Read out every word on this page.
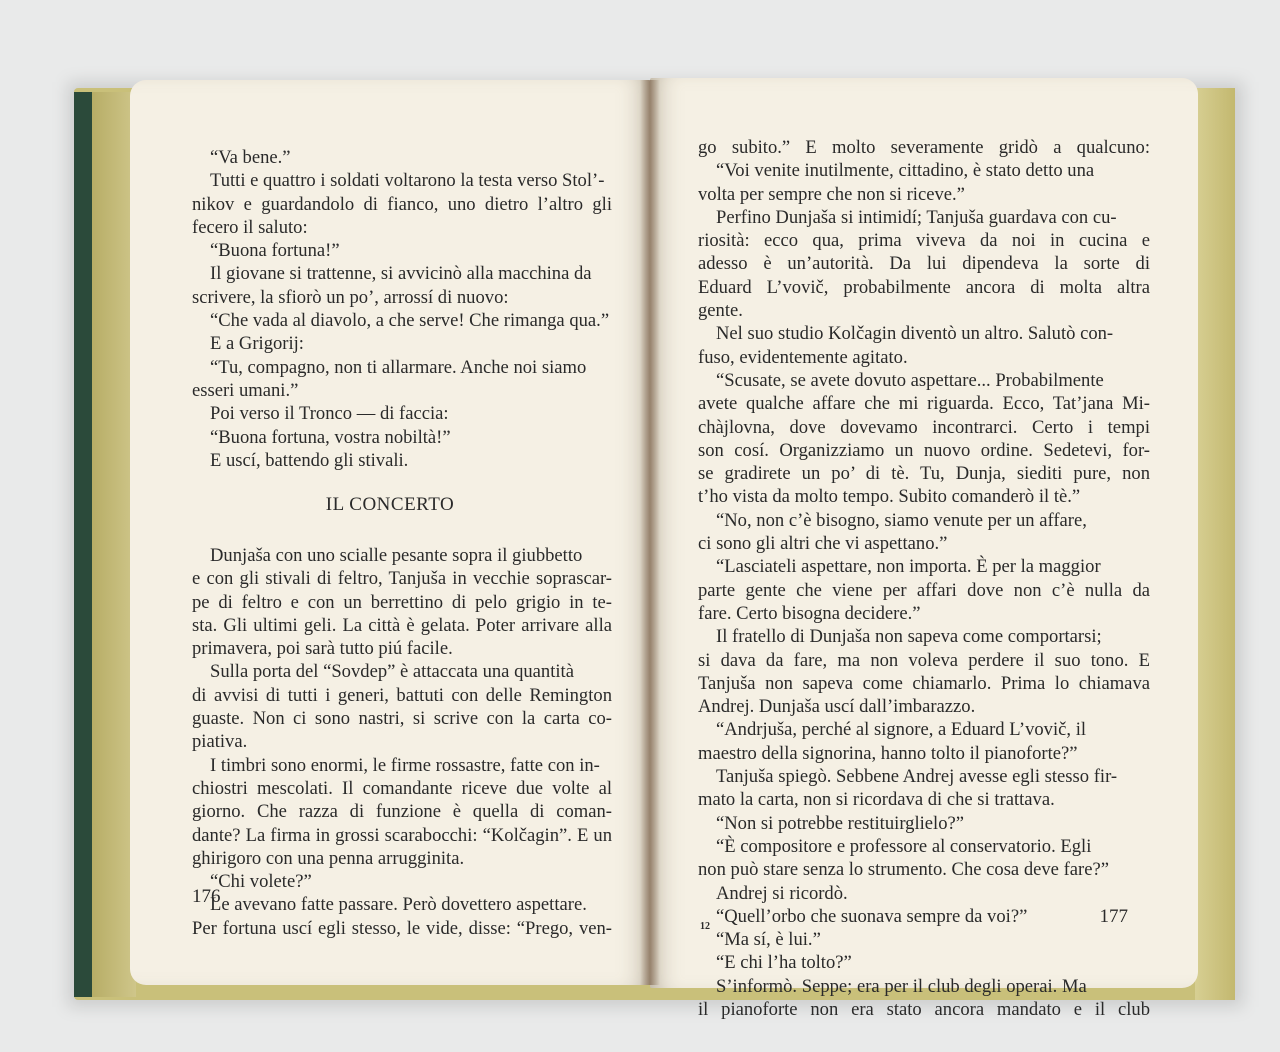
“Va bene.”
Tutti e quattro i soldati voltarono la testa verso Stol’-
nikov e guardandolo di fianco, uno dietro l’altro gli
fecero il saluto:
“Buona fortuna!”
Il giovane si trattenne, si avvicinò alla macchina da
scrivere, la sfiorò un po’, arrossí di nuovo:
“Che vada al diavolo, a che serve! Che rimanga qua.”
E a Grigorij:
“Tu, compagno, non ti allarmare. Anche noi siamo
esseri umani.”
Poi verso il Tronco — di faccia:
“Buona fortuna, vostra nobiltà!”
E uscí, battendo gli stivali.
IL CONCERTO
Dunjaša con uno scialle pesante sopra il giubbetto
e con gli stivali di feltro, Tanjuša in vecchie soprascar-
pe di feltro e con un berrettino di pelo grigio in te-
sta. Gli ultimi geli. La città è gelata. Poter arrivare alla
primavera, poi sarà tutto piú facile.
Sulla porta del “Sovdep” è attaccata una quantità
di avvisi di tutti i generi, battuti con delle Remington
guaste. Non ci sono nastri, si scrive con la carta co-
piativa.
I timbri sono enormi, le firme rossastre, fatte con in-
chiostri mescolati. Il comandante riceve due volte al
giorno. Che razza di funzione è quella di coman-
dante? La firma in grossi scarabocchi: “Kolčagin”. E un
ghirigoro con una penna arrugginita.
“Chi volete?”
Le avevano fatte passare. Però dovettero aspettare.
Per fortuna uscí egli stesso, le vide, disse: “Prego, ven-
176
go subito.” E molto severamente gridò a qualcuno:
“Voi venite inutilmente, cittadino, è stato detto una
volta per sempre che non si riceve.”
Perfino Dunjaša si intimidí; Tanjuša guardava con cu-
riosità: ecco qua, prima viveva da noi in cucina e
adesso è un’autorità. Da lui dipendeva la sorte di
Eduard L’vovič, probabilmente ancora di molta altra
gente.
Nel suo studio Kolčagin diventò un altro. Salutò con-
fuso, evidentemente agitato.
“Scusate, se avete dovuto aspettare... Probabilmente
avete qualche affare che mi riguarda. Ecco, Tat’jana Mi-
chàjlovna, dove dovevamo incontrarci. Certo i tempi
son cosí. Organizziamo un nuovo ordine. Sedetevi, for-
se gradirete un po’ di tè. Tu, Dunja, siediti pure, non
t’ho vista da molto tempo. Subito comanderò il tè.”
“No, non c’è bisogno, siamo venute per un affare,
ci sono gli altri che vi aspettano.”
“Lasciateli aspettare, non importa. È per la maggior
parte gente che viene per affari dove non c’è nulla da
fare. Certo bisogna decidere.”
Il fratello di Dunjaša non sapeva come comportarsi;
si dava da fare, ma non voleva perdere il suo tono. E
Tanjuša non sapeva come chiamarlo. Prima lo chiamava
Andrej. Dunjaša uscí dall’imbarazzo.
“Andrjuša, perché al signore, a Eduard L’vovič, il
maestro della signorina, hanno tolto il pianoforte?”
Tanjuša spiegò. Sebbene Andrej avesse egli stesso fir-
mato la carta, non si ricordava di che si trattava.
“Non si potrebbe restituirglielo?”
“È compositore e professore al conservatorio. Egli
non può stare senza lo strumento. Che cosa deve fare?”
Andrej si ricordò.
“Quell’orbo che suonava sempre da voi?”
“Ma sí, è lui.”
“E chi l’ha tolto?”
S’informò. Seppe; era per il club degli operai. Ma
il pianoforte non era stato ancora mandato e il club
12	177
